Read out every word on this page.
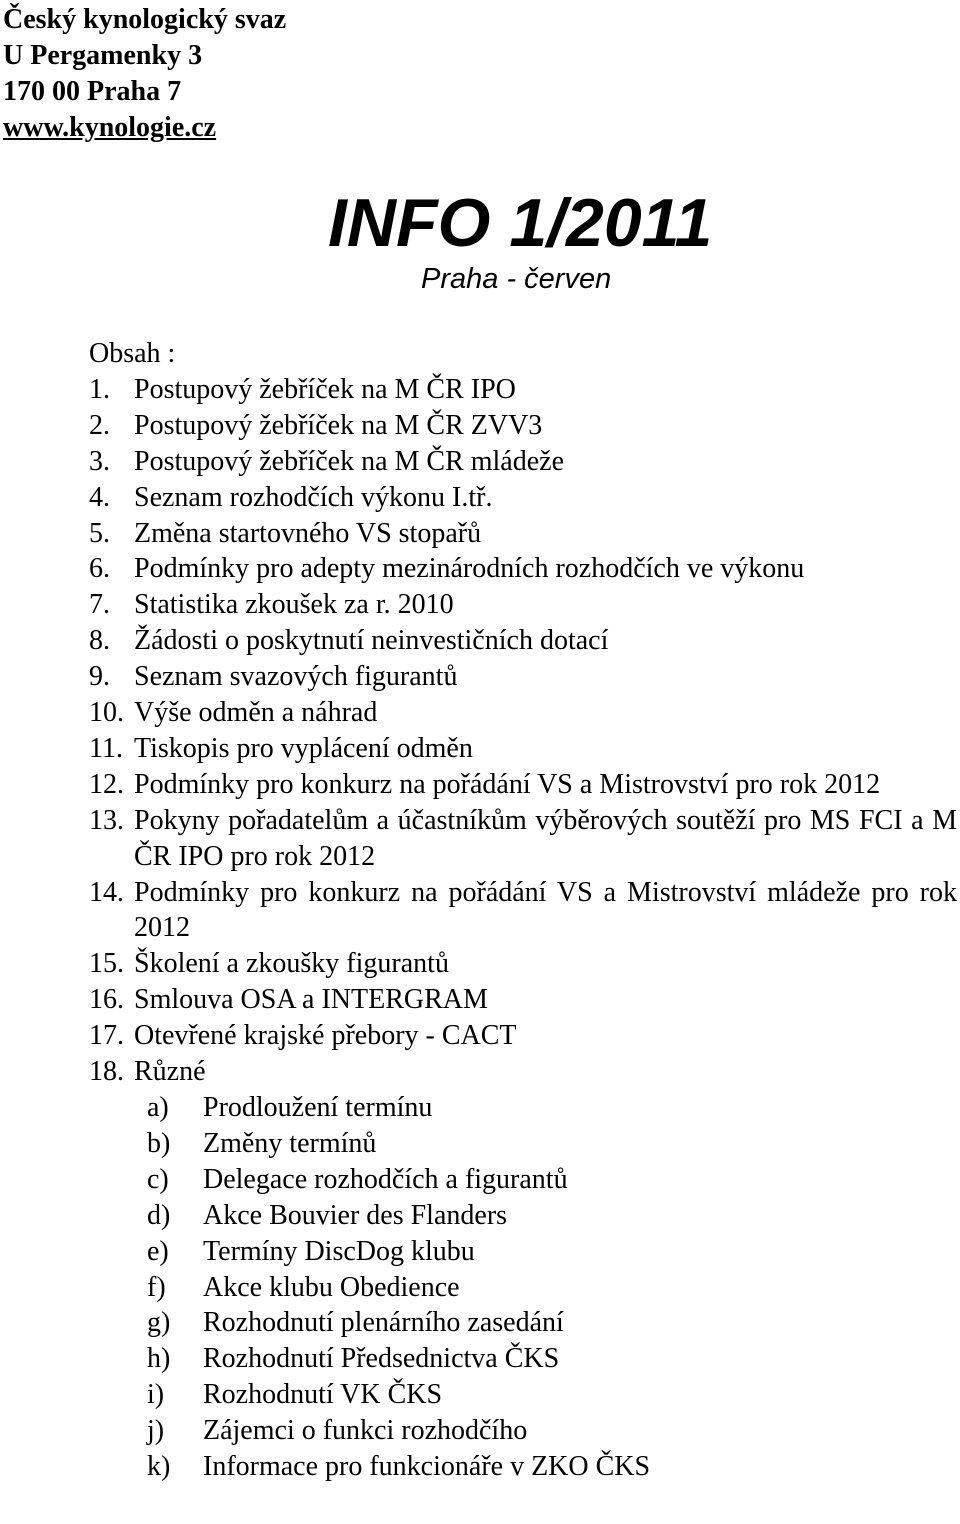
Český kynologický svaz
U Pergamenky 3
170 00 Praha 7
www.kynologie.cz
INFO 1/2011
Praha - červen
Obsah :
1. Postupový žebříček na M ČR IPO
2. Postupový žebříček na M ČR ZVV3
3. Postupový žebříček na M ČR mládeže
4. Seznam rozhodčích výkonu I.tř.
5. Změna startovného VS stopařů
6. Podmínky pro adepty mezinárodních rozhodčích ve výkonu
7. Statistika zkoušek za r. 2010
8. Žádosti o poskytnutí neinvestičních dotací
9. Seznam svazových figurantů
10. Výše odměn a náhrad
11. Tiskopis pro vyplácení odměn
12. Podmínky pro konkurz na pořádání VS a Mistrovství pro rok 2012
13. Pokyny pořadatelům a účastníkům výběrových soutěží pro MS FCI a M ČR IPO pro rok 2012
14. Podmínky pro konkurz na pořádání VS a Mistrovství mládeže pro rok 2012
15. Školení a zkoušky figurantů
16. Smlouva OSA a INTERGRAM
17. Otevřené krajské přebory - CACT
18. Různé
a)	Prodloužení termínu
b)	Změny termínů
c)	Delegace rozhodčích a figurantů
d)	Akce Bouvier des Flanders
e)	Termíny DiscDog klubu
f)	Akce klubu Obedience
g)	Rozhodnutí plenárního zasedání
h)	Rozhodnutí Předsednictva ČKS
i)	Rozhodnutí VK ČKS
j)	Zájemci o funkci rozhodčího
k)	Informace pro funkcionáře v ZKO ČKS
